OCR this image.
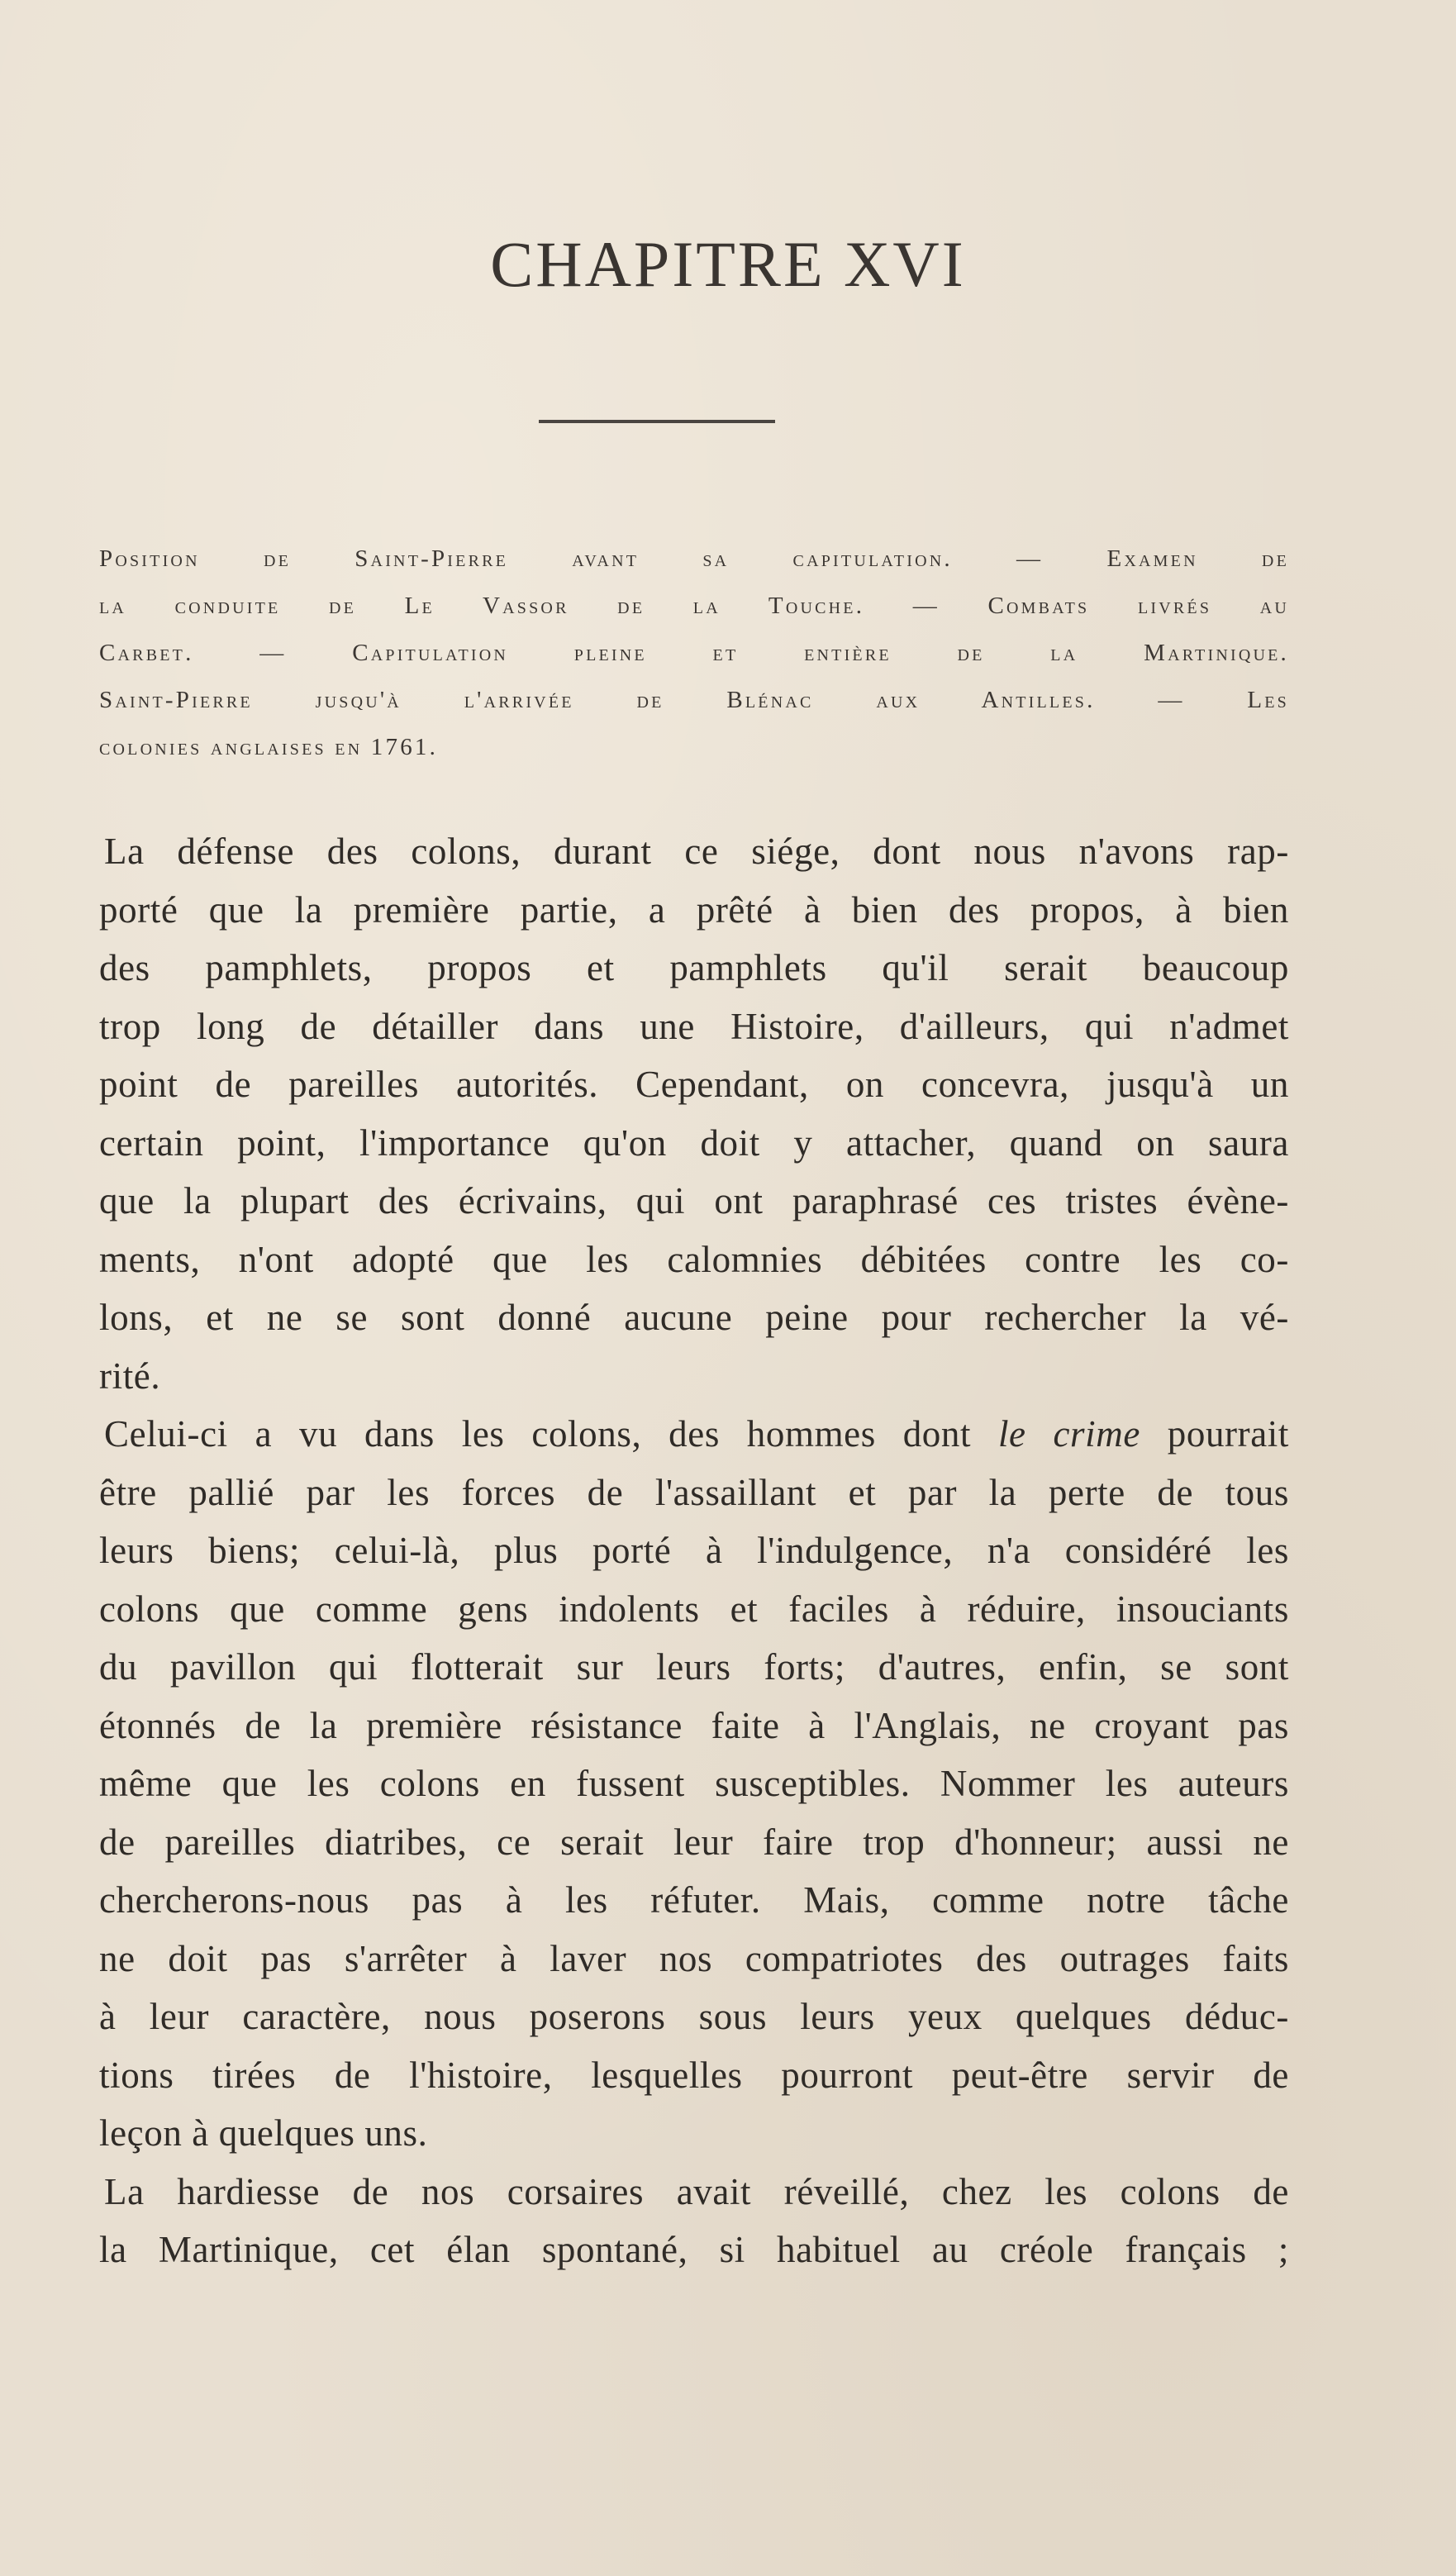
CHAPITRE XVI
Position de Saint-Pierre avant sa capitulation. — Examen de
la conduite de Le Vassor de la Touche. — Combats livrés au
Carbet. — Capitulation pleine et entière de la Martinique.
Saint-Pierre jusqu'à l'arrivée de Blénac aux Antilles. — Les
colonies anglaises en 1761.
La défense des colons, durant ce siége, dont nous n'avons rap-
porté que la première partie, a prêté à bien des propos, à bien
des pamphlets, propos et pamphlets qu'il serait beaucoup
trop long de détailler dans une Histoire, d'ailleurs, qui n'admet
point de pareilles autorités. Cependant, on concevra, jusqu'à un
certain point, l'importance qu'on doit y attacher, quand on saura
que la plupart des écrivains, qui ont paraphrasé ces tristes évène-
ments, n'ont adopté que les calomnies débitées contre les co-
lons, et ne se sont donné aucune peine pour rechercher la vé-
rité.
Celui-ci a vu dans les colons, des hommes dont le crime pourrait
être pallié par les forces de l'assaillant et par la perte de tous
leurs biens; celui-là, plus porté à l'indulgence, n'a considéré les
colons que comme gens indolents et faciles à réduire, insouciants
du pavillon qui flotterait sur leurs forts; d'autres, enfin, se sont
étonnés de la première résistance faite à l'Anglais, ne croyant pas
même que les colons en fussent susceptibles. Nommer les auteurs
de pareilles diatribes, ce serait leur faire trop d'honneur; aussi ne
chercherons-nous pas à les réfuter. Mais, comme notre tâche
ne doit pas s'arrêter à laver nos compatriotes des outrages faits
à leur caractère, nous poserons sous leurs yeux quelques déduc-
tions tirées de l'histoire, lesquelles pourront peut-être servir de
leçon à quelques uns.
La hardiesse de nos corsaires avait réveillé, chez les colons de
la Martinique, cet élan spontané, si habituel au créole français ;
